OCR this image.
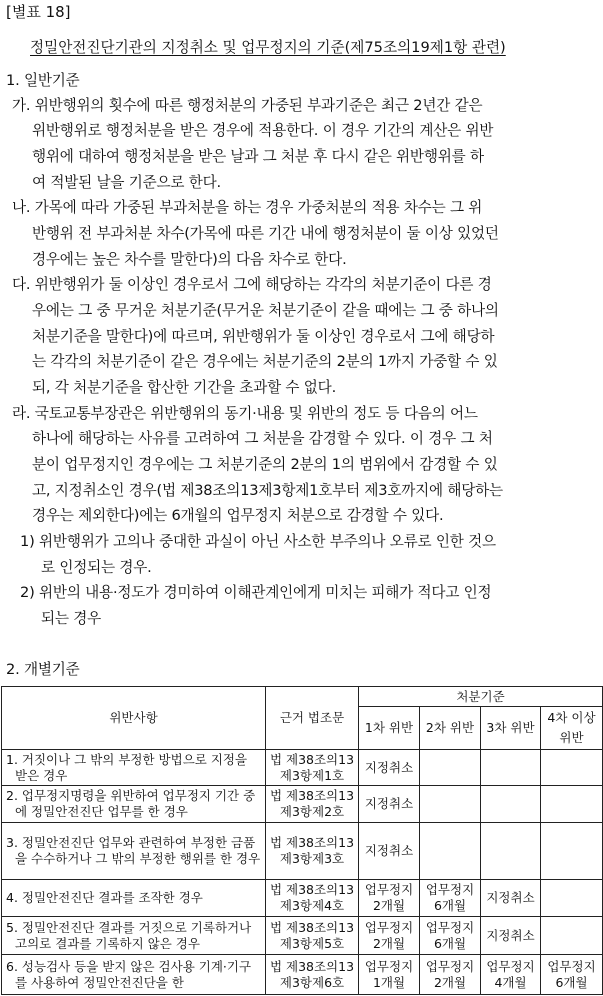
[별표 18]
정밀안전진단기관의 지정취소 및 업무정지의 기준(제75조의19제1항 관련)
1. 일반기준
가. 위반행위의 횟수에 따른 행정처분의 가중된 부과기준은 최근 2년간 같은
위반행위로 행정처분을 받은 경우에 적용한다. 이 경우 기간의 계산은 위반
행위에 대하여 행정처분을 받은 날과 그 처분 후 다시 같은 위반행위를 하
여 적발된 날을 기준으로 한다.
나. 가목에 따라 가중된 부과처분을 하는 경우 가중처분의 적용 차수는 그 위
반행위 전 부과처분 차수(가목에 따른 기간 내에 행정처분이 둘 이상 있었던
경우에는 높은 차수를 말한다)의 다음 차수로 한다.
다. 위반행위가 둘 이상인 경우로서 그에 해당하는 각각의 처분기준이 다른 경
우에는 그 중 무거운 처분기준(무거운 처분기준이 같을 때에는 그 중 하나의
처분기준을 말한다)에 따르며, 위반행위가 둘 이상인 경우로서 그에 해당하
는 각각의 처분기준이 같은 경우에는 처분기준의 2분의 1까지 가중할 수 있
되, 각 처분기준을 합산한 기간을 초과할 수 없다.
라. 국토교통부장관은 위반행위의 동기·내용 및 위반의 정도 등 다음의 어느
하나에 해당하는 사유를 고려하여 그 처분을 감경할 수 있다. 이 경우 그 처
분이 업무정지인 경우에는 그 처분기준의 2분의 1의 범위에서 감경할 수 있
고, 지정취소인 경우(법 제38조의13제3항제1호부터 제3호까지에 해당하는
경우는 제외한다)에는 6개월의 업무정지 처분으로 감경할 수 있다.
1) 위반행위가 고의나 중대한 과실이 아닌 사소한 부주의나 오류로 인한 것으
로 인정되는 경우.
2) 위반의 내용·정도가 경미하여 이해관계인에게 미치는 피해가 적다고 인정
되는 경우
2. 개별기준
위반사항	근거 법조문	처분기준			
		1차 위반	2차 위반	3차 위반	4차 이상 위반

1. 거짓이나 그 밖의 부정한 방법으로 지정을 받은 경우	법 제38조의13제3항제1호	지정취소			

2. 업무정지명령을 위반하여 업무정지 기간 중에 정밀안전진단 업무를 한 경우	법 제38조의13제3항제2호	지정취소			

3. 정밀안전진단 업무와 관련하여 부정한 금품을 수수하거나 그 밖의 부정한 행위를 한 경우	법 제38조의13제3항제3호	지정취소			

4. 정밀안전진단 결과를 조작한 경우	법 제38조의13제3항제4호	업무정지 2개월	업무정지 6개월	지정취소	

5. 정밀안전진단 결과를 거짓으로 기록하거나 고의로 결과를 기록하지 않은 경우	법 제38조의13제3항제5호	업무정지 2개월	업무정지 6개월	지정취소	

6. 성능검사 등을 받지 않은 검사용 기계·기구를 사용하여 정밀안전진단을 한	법 제38조의13제3항제6호	업무정지 1개월	업무정지 2개월	업무정지 4개월	업무정지 6개월
